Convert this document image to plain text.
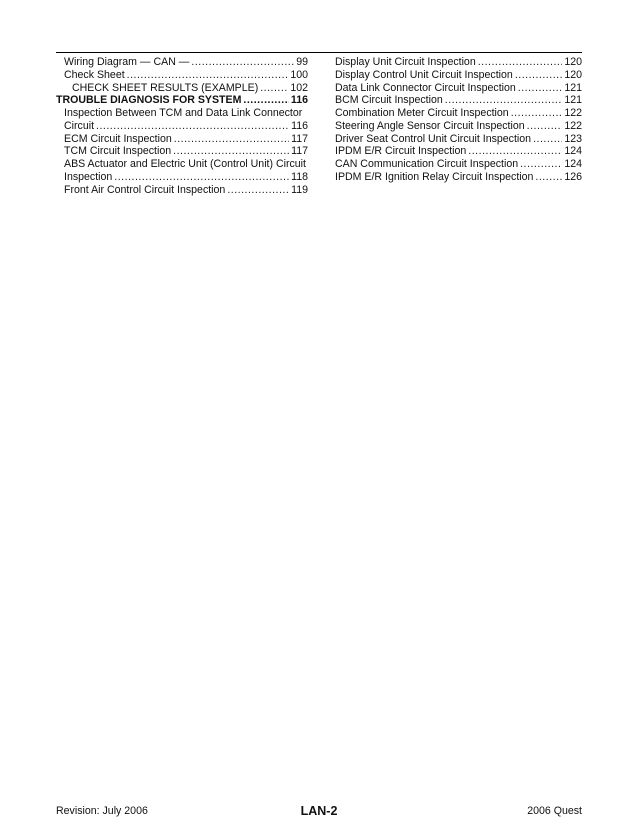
Wiring Diagram — CAN — .....	99
Check Sheet .....	100
CHECK SHEET RESULTS (EXAMPLE) .....	102
TROUBLE DIAGNOSIS FOR SYSTEM .....	116
Inspection Between TCM and Data Link Connector
Circuit .....	116
ECM Circuit Inspection .....	117
TCM Circuit Inspection .....	117
ABS Actuator and Electric Unit (Control Unit) Circuit
Inspection .....	118
Front Air Control Circuit Inspection .....	119
Display Unit Circuit Inspection .....	120
Display Control Unit Circuit Inspection .....	120
Data Link Connector Circuit Inspection .....	121
BCM Circuit Inspection .....	121
Combination Meter Circuit Inspection .....	122
Steering Angle Sensor Circuit Inspection .....	122
Driver Seat Control Unit Circuit Inspection .....	123
IPDM E/R Circuit Inspection .....	124
CAN Communication Circuit Inspection .....	124
IPDM E/R Ignition Relay Circuit Inspection .....	126
Revision: July 2006	LAN-2	2006 Quest
